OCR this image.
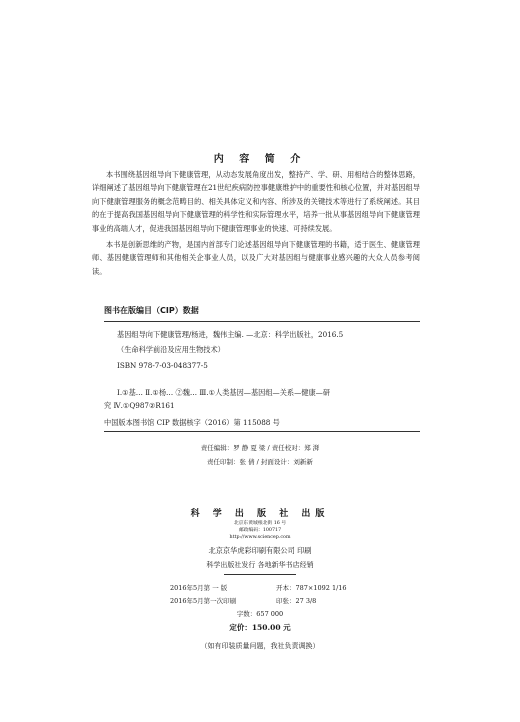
内 容 简 介

本书围绕基因组导向下健康管理，从动态发展角度出发，整持产、学、研、用相结合的整体思路，详细阐述了基因组导向下健康管理在21世纪疾病防控事健康维护中的重要性和核心位置，并对基因组导向下健康管理服务的概念范畴目的、相关具体定义和内容、所涉及的关键技术等进行了系统阐述。其目的在于提高我国基因组导向下健康管理的科学性和实际管理水平，培养一批从事基因组导向下健康管理事业的高端人才，促进我国基因组导向下健康管理事业的快速、可持续发展。

本书是创新思维的产物，是国内首部专门论述基因组导向下健康管理的书籍，适于医生、健康管理师、基因健康管理师和其他相关企事业人员，以及广大对基因组与健康事业感兴趣的大众人员参考阅读。

图书在版编目（CIP）数据
基因组导向下健康管理/杨进，魏伟主编. —北京：科学出版社，2016.5
（生命科学前沿及应用生物技术）
ISBN 978-7-03-048377-5
Ⅰ.①基… Ⅱ.①杨… ②魏… Ⅲ.①人类基因—基因组—关系—健康—研
究 Ⅳ.①Q987②R161
中国版本图书馆 CIP 数据核字（2016）第 115088 号
责任编辑：罗 静 夏 梁 / 责任校对：郑 湃
责任印制：张 倩 / 封面设计：刘新新
科 学 出 版 社 出版
北京东黄城根北街 16 号
邮政编码：100717
http://www.sciencep.com
北京京华虎彩印刷有限公司 印刷
科学出版社发行 各地新华书店经销
2016年5月第 一 版	开本：787×1092 1/16
2016年5月第一次印刷	印张：27 3/8
字数：657 000
定价：150.00 元
（如有印装质量问题，我社负责调换）
